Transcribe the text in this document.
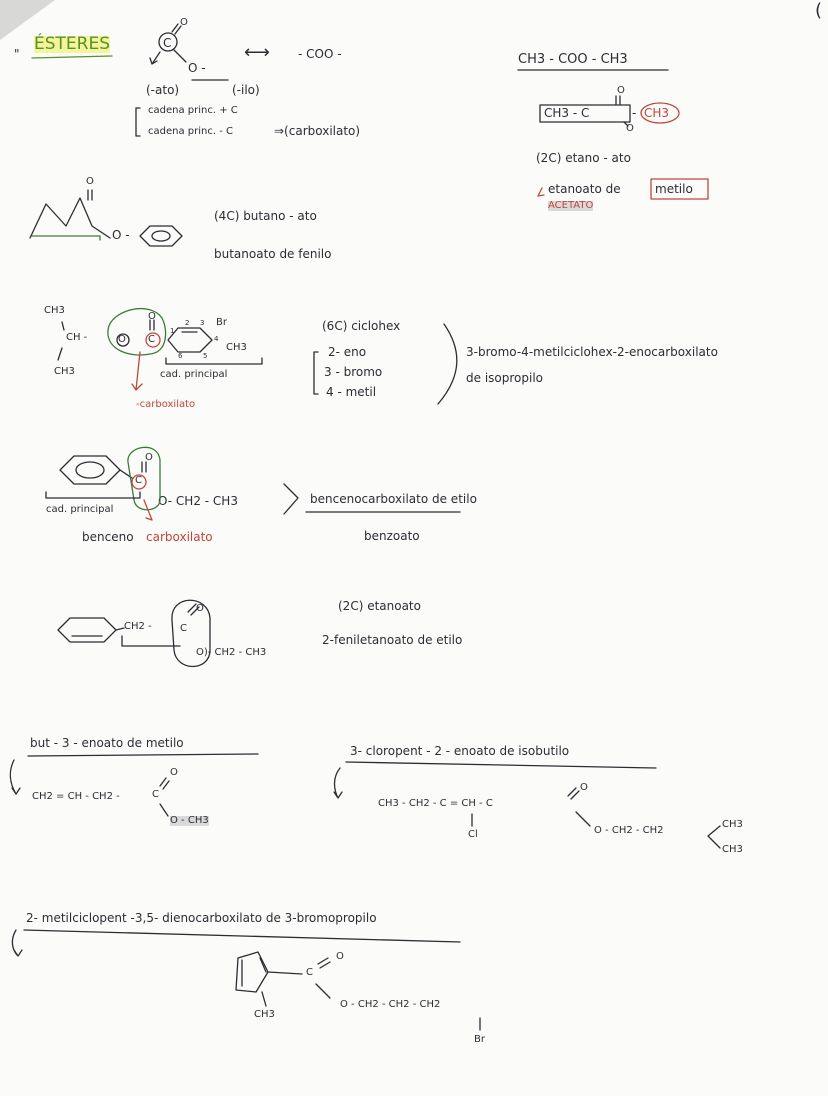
" ÉSTERES
(
O
C
O -
⟷ - COO -
(-ato)	(-ilo)
cadena princ. + C
cadena princ. - C	⇒(carboxilato)
CH3 - COO - CH3
O
CH3 - C	- CH3
O
(2C) etano - ato
etanoato de	metilo
ACETATO
O
O -
(4C) butano - ato
butanoato de fenilo
CH3
CH -
CH3
O C
O
Br
CH3
1
2 3
4
5
6
cad. principal
-carboxilato
(6C) ciclohex
2- eno
3 - bromo
4 - metil
3-bromo-4-metilciclohex-2-enocarboxilato
de isopropilo
O
C
O- CH2 - CH3
cad. principal
benceno carboxilato
bencenocarboxilato de etilo
benzoato
CH2 -	C
O
O)- CH2 - CH3
(2C) etanoato
2-feniletanoato de etilo
but - 3 - enoato de metilo
CH2 = CH - CH2 -	C
O
O - CH3
3- cloropent - 2 - enoato de isobutilo
CH3 - CH2 - C = CH - C
O
Cl	O - CH2 - CH2
CH3
CH3
2- metilciclopent -3,5- dienocarboxilato de 3-bromopropilo
C
O
CH3
O - CH2 - CH2 - CH2
Br
